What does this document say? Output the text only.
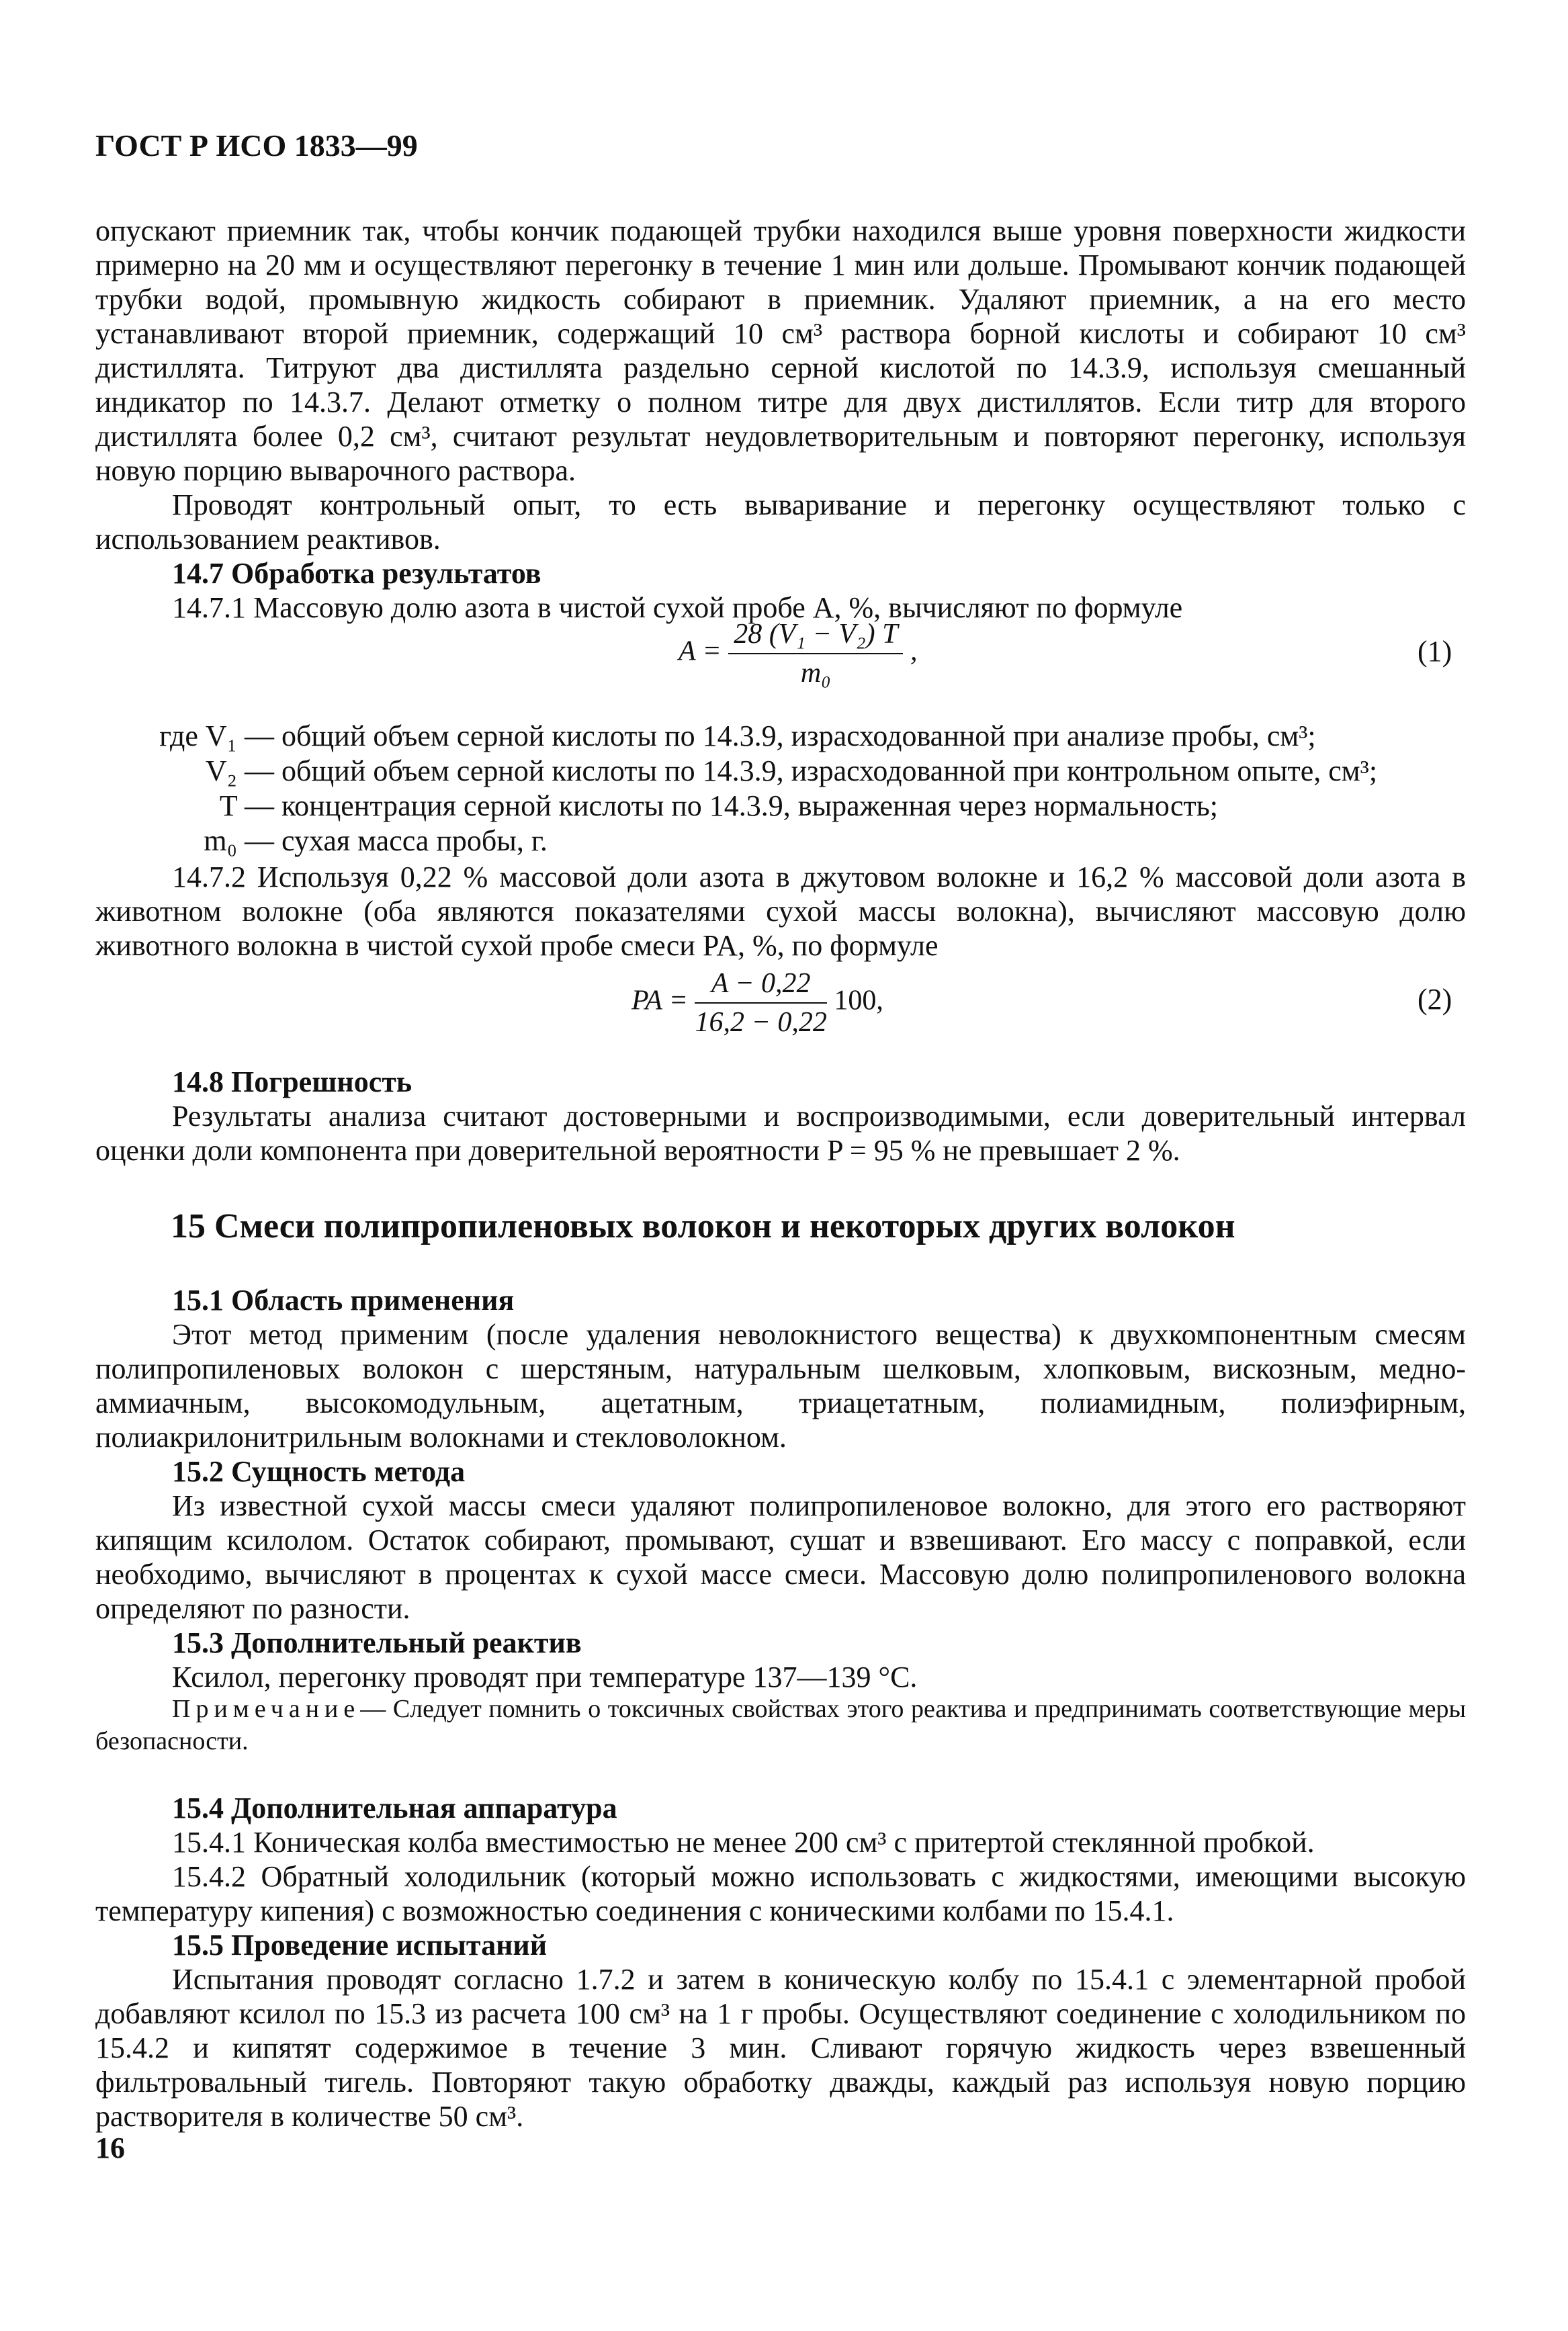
ГОСТ Р ИСО 1833—99

опускают приемник так, чтобы кончик подающей трубки находился выше уровня поверхности жидкости примерно на 20 мм и осуществляют перегонку в течение 1 мин или дольше. Промывают кончик подающей трубки водой, промывную жидкость собирают в приемник. Удаляют приемник, а на его место устанавливают второй приемник, содержащий 10 см³ раствора борной кислоты и собирают 10 см³ дистиллята. Титруют два дистиллята раздельно серной кислотой по 14.3.9, используя смешанный индикатор по 14.3.7. Делают отметку о полном титре для двух дистиллятов. Если титр для второго дистиллята более 0,2 см³, считают результат неудовлетворительным и повторяют перегонку, используя новую порцию выварочного раствора.

Проводят контрольный опыт, то есть вываривание и перегонку осуществляют только с использованием реактивов.

14.7 Обработка результатов

14.7.1 Массовую долю азота в чистой сухой пробе A, %, вычисляют по формуле

$A = \frac{\text{28 (V₁ − V₂) T}}{\text{m₀}}$ ,	(1)
где V₁ — общий объем серной кислоты по 14.3.9, израсходованной при анализе пробы, см³;
V₂ — общий объем серной кислоты по 14.3.9, израсходованной при контрольном опыте, см³;
T — концентрация серной кислоты по 14.3.9, выраженная через нормальность;
m₀ — сухая масса пробы, г.

14.7.2 Используя 0,22 % массовой доли азота в джутовом волокне и 16,2 % массовой доли азота в животном волокне (оба являются показателями сухой массы волокна), вычисляют массовую долю животного волокна в чистой сухой пробе смеси PA, %, по формуле

PA = $\frac{A - 0,22}{16,2 - 0,22} 100$,	(2)

14.8 Погрешность

Результаты анализа считают достоверными и воспроизводимыми, если доверительный интервал оценки доли компонента при доверительной вероятности P = 95 % не превышает 2 %.

15 Смеси полипропиленовых волокон и некоторых других волокон

15.1 Область применения

Этот метод применим (после удаления неволокнистого вещества) к двухкомпонентным смесям полипропиленовых волокон с шерстяным, натуральным шелковым, хлопковым, вискозным, медно-аммиачным, высокомодульным, ацетатным, триацетатным, полиамидным, полиэфирным, полиакрилонитрильным волокнами и стекловолокном.

15.2 Сущность метода

Из известной сухой массы смеси удаляют полипропиленовое волокно, для этого его растворяют кипящим ксилолом. Остаток собирают, промывают, сушат и взвешивают. Его массу с поправкой, если необходимо, вычисляют в процентах к сухой массе смеси. Массовую долю полипропиленового волокна определяют по разности.

15.3 Дополнительный реактив

Ксилол, перегонку проводят при температуре 137—139 °С.

Примечание— Следует помнить о токсичных свойствах этого реактива и предпринимать соответствующие меры безопасности.

15.4 Дополнительная аппаратура

15.4.1 Коническая колба вместимостью не менее 200 см³ с притертой стеклянной пробкой.

15.4.2 Обратный холодильник (который можно использовать с жидкостями, имеющими высокую температуру кипения) с возможностью соединения с коническими колбами по 15.4.1.

15.5 Проведение испытаний

Испытания проводят согласно 1.7.2 и затем в коническую колбу по 15.4.1 с элементарной пробой добавляют ксилол по 15.3 из расчета 100 см³ на 1 г пробы. Осуществляют соединение с холодильником по 15.4.2 и кипятят содержимое в течение 3 мин. Сливают горячую жидкость через взвешенный фильтровальный тигель. Повторяют такую обработку дважды, каждый раз используя новую порцию растворителя в количестве 50 см³.

16
